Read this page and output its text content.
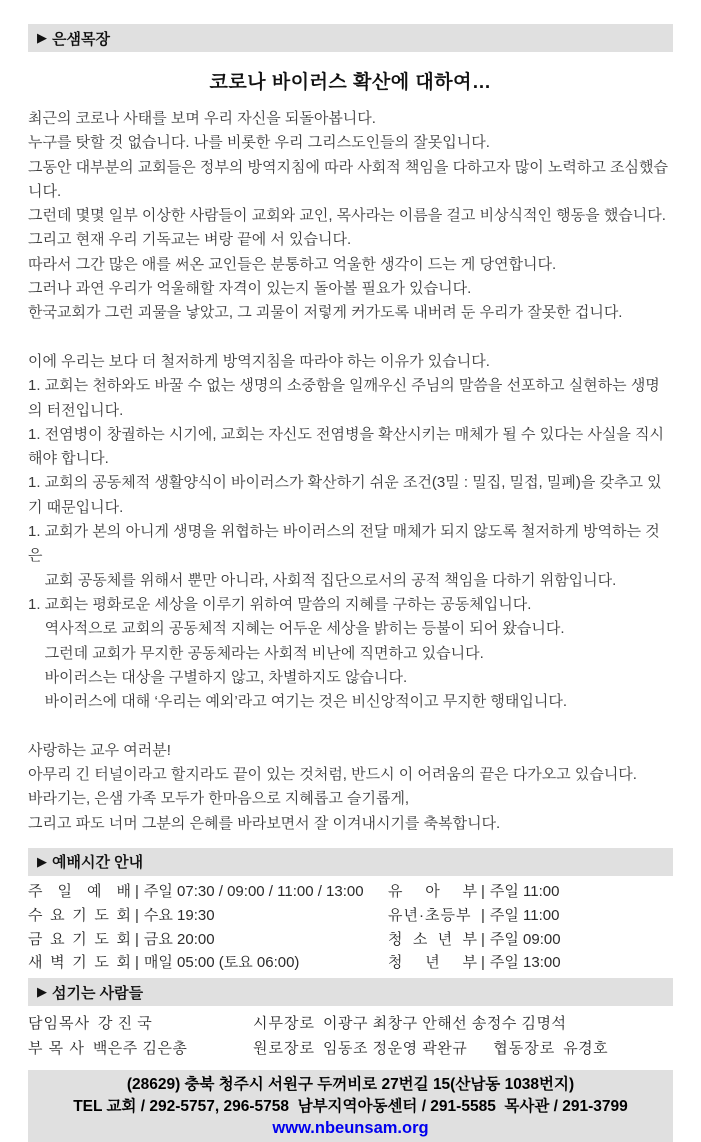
▶ 은샘목장
코로나 바이러스 확산에 대하여…
최근의 코로나 사태를 보며 우리 자신을 되돌아봅니다.
누구를 탓할 것 없습니다. 나를 비롯한 우리 그리스도인들의 잘못입니다.
그동안 대부분의 교회들은 정부의 방역지침에 따라 사회적 책임을 다하고자 많이 노력하고 조심했습니다.
그런데 몇몇 일부 이상한 사람들이 교회와 교인, 목사라는 이름을 걸고 비상식적인 행동을 했습니다.
그리고 현재 우리 기독교는 벼랑 끝에 서 있습니다.
따라서 그간 많은 애를 써온 교인들은 분통하고 억울한 생각이 드는 게 당연합니다.
그러나 과연 우리가 억울해할 자격이 있는지 돌아볼 필요가 있습니다.
한국교회가 그런 괴물을 낳았고, 그 괴물이 저렇게 커가도록 내버려 둔 우리가 잘못한 겁니다.

이에 우리는 보다 더 철저하게 방역지침을 따라야 하는 이유가 있습니다.
1. 교회는 천하와도 바꿀 수 없는 생명의 소중함을 일깨우신 주님의 말씀을 선포하고 실현하는 생명의 터전입니다.
1. 전염병이 창궐하는 시기에, 교회는 자신도 전염병을 확산시키는 매체가 될 수 있다는 사실을 직시해야 합니다.
1. 교회의 공동체적 생활양식이 바이러스가 확산하기 쉬운 조건(3밀 : 밀집, 밀접, 밀폐)을 갖추고 있기 때문입니다.
1. 교회가 본의 아니게 생명을 위협하는 바이러스의 전달 매체가 되지 않도록 철저하게 방역하는 것은
교회 공동체를 위해서 뿐만 아니라, 사회적 집단으로서의 공적 책임을 다하기 위함입니다.
1. 교회는 평화로운 세상을 이루기 위하여 말씀의 지혜를 구하는 공동체입니다.
역사적으로 교회의 공동체적 지혜는 어두운 세상을 밝히는 등불이 되어 왔습니다.
그런데 교회가 무지한 공동체라는 사회적 비난에 직면하고 있습니다.
바이러스는 대상을 구별하지 않고, 차별하지도 않습니다.
바이러스에 대해 ‘우리는 예외’라고 여기는 것은 비신앙적이고 무지한 행태입니다.

사랑하는 교우 여러분!
아무리 긴 터널이라고 할지라도 끝이 있는 것처럼, 반드시 이 어려움의 끝은 다가오고 있습니다.
바라기는, 은샘 가족 모두가 한마음으로 지혜롭고 슬기롭게,
그리고 파도 너머 그분의 은혜를 바라보면서 잘 이겨내시기를 축복합니다.
▶ 예배시간 안내
주 일 예 배 | 주일 07:30 / 09:00 / 11:00 / 13:00
수 요 기 도 회 | 수요 19:30
금 요 기 도 회 | 금요 20:00
새 벽 기 도 회 | 매일 05:00 (토요 06:00)
유 아 부 | 주일 11:00
유년·초등부 | 주일 11:00
청 소 년 부 | 주일 09:00
청 년 부 | 주일 13:00
▶ 섬기는 사람들
담임목사 강 진 국	시무장로 이광구 최창구 안해선 송정수 김명석
부 목 사 백은주 김은총	원로장로 임동조 정운영 곽완규 협동장로 유경호
(28629) 충북 청주시 서원구 두꺼비로 27번길 15(산남동 1038번지)
TEL 교회 / 292-5757, 296-5758  남부지역아동센터 / 291-5585  목사관 / 291-3799
www.nbeunsam.org
